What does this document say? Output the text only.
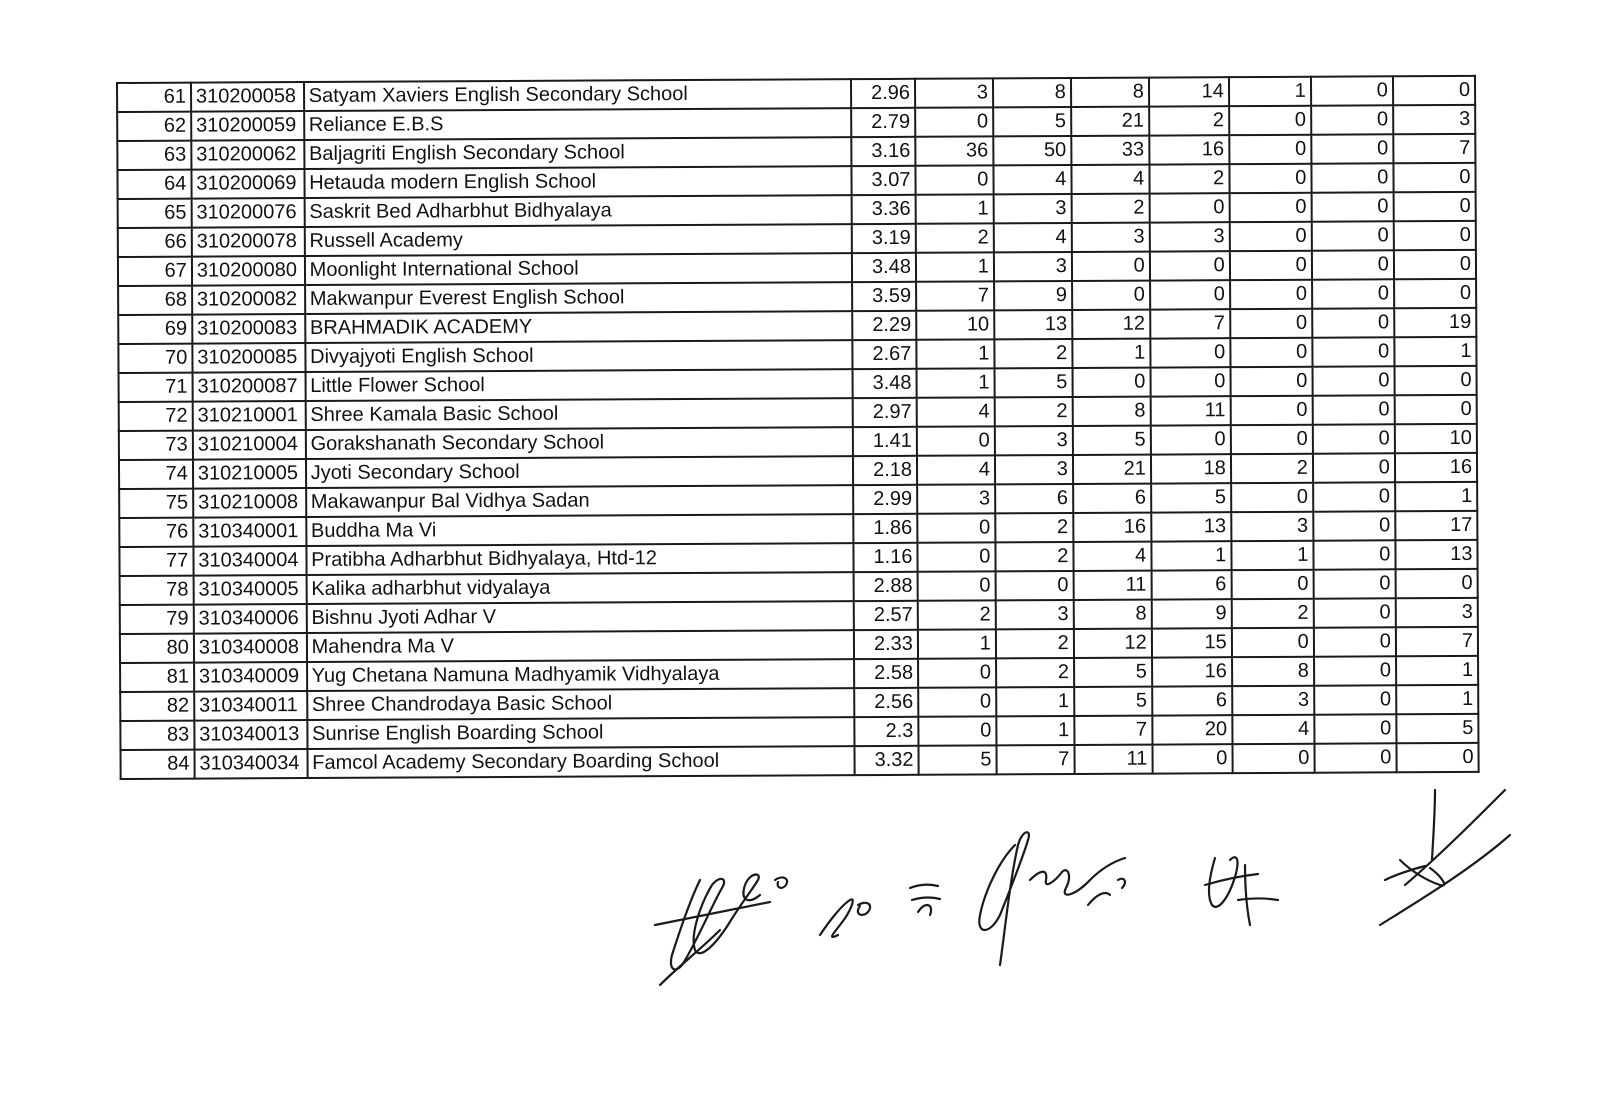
61	310200058	Satyam Xaviers English Secondary School	2.96	3	8	8	14	1	0	0
62	310200059	Reliance E.B.S	2.79	0	5	21	2	0	0	3
63	310200062	Baljagriti English Secondary School	3.16	36	50	33	16	0	0	7
64	310200069	Hetauda modern English School	3.07	0	4	4	2	0	0	0
65	310200076	Saskrit Bed Adharbhut Bidhyalaya	3.36	1	3	2	0	0	0	0
66	310200078	Russell Academy	3.19	2	4	3	3	0	0	0
67	310200080	Moonlight International School	3.48	1	3	0	0	0	0	0
68	310200082	Makwanpur Everest English School	3.59	7	9	0	0	0	0	0
69	310200083	BRAHMADIK ACADEMY	2.29	10	13	12	7	0	0	19
70	310200085	Divyajyoti English School	2.67	1	2	1	0	0	0	1
71	310200087	Little Flower School	3.48	1	5	0	0	0	0	0
72	310210001	Shree Kamala Basic School	2.97	4	2	8	11	0	0	0
73	310210004	Gorakshanath Secondary School	1.41	0	3	5	0	0	0	10
74	310210005	Jyoti Secondary School	2.18	4	3	21	18	2	0	16
75	310210008	Makawanpur Bal Vidhya Sadan	2.99	3	6	6	5	0	0	1
76	310340001	Buddha Ma Vi	1.86	0	2	16	13	3	0	17
77	310340004	Pratibha Adharbhut Bidhyalaya, Htd-12	1.16	0	2	4	1	1	0	13
78	310340005	Kalika adharbhut vidyalaya	2.88	0	0	11	6	0	0	0
79	310340006	Bishnu Jyoti Adhar V	2.57	2	3	8	9	2	0	3
80	310340008	Mahendra Ma V	2.33	1	2	12	15	0	0	7
81	310340009	Yug Chetana Namuna Madhyamik Vidhyalaya	2.58	0	2	5	16	8	0	1
82	310340011	Shree Chandrodaya Basic School	2.56	0	1	5	6	3	0	1
83	310340013	Sunrise English Boarding School	2.3	0	1	7	20	4	0	5
84	310340034	Famcol Academy Secondary Boarding School	3.32	5	7	11	0	0	0	0
